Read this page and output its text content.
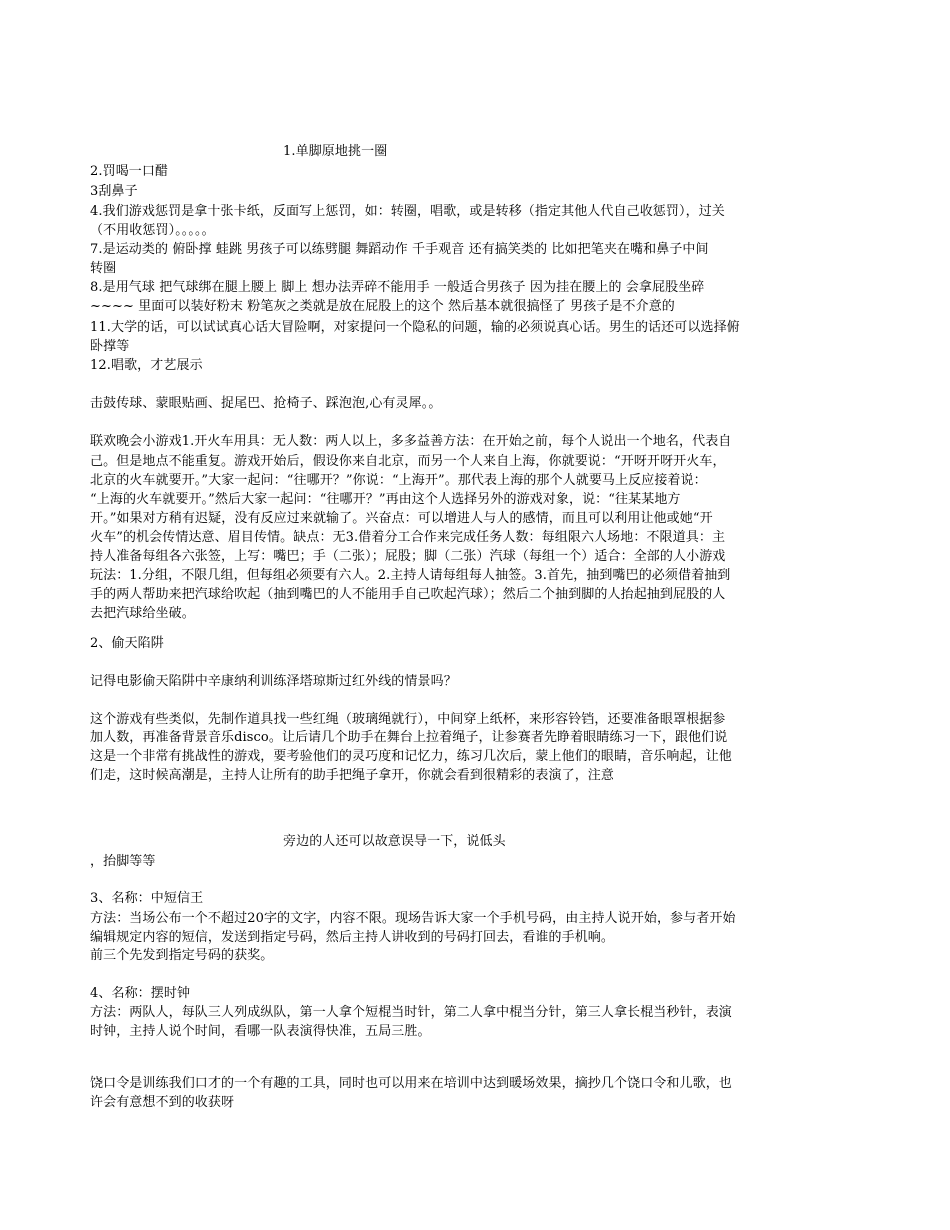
1.单脚原地挑一圈
2.罚喝一口醋
3刮鼻子
4.我们游戏惩罚是拿十张卡纸，反面写上惩罚，如：转圈，唱歌，或是转移（指定其他人代自己收惩罚），过关
（不用收惩罚）。。。。。
7.是运动类的 俯卧撑 蛙跳 男孩子可以练劈腿 舞蹈动作 千手观音 还有搞笑类的 比如把笔夹在嘴和鼻子中间
转圈
8.是用气球 把气球绑在腿上腰上 脚上 想办法弄碎不能用手 一般适合男孩子 因为挂在腰上的 会拿屁股坐碎
~~~~ 里面可以装好粉末 粉笔灰之类就是放在屁股上的这个 然后基本就很搞怪了 男孩子是不介意的
11.大学的话，可以试试真心话大冒险啊，对家提问一个隐私的问题，输的必须说真心话。男生的话还可以选择俯
卧撑等
12.唱歌，才艺展示
击鼓传球、蒙眼贴画、捉尾巴、抢椅子、踩泡泡,心有灵犀。。
联欢晚会小游戏1.开火车用具：无人数：两人以上，多多益善方法：在开始之前，每个人说出一个地名，代表自
己。但是地点不能重复。游戏开始后，假设你来自北京，而另一个人来自上海，你就要说：“开呀开呀开火车，
北京的火车就要开。”大家一起问：“往哪开？”你说：“上海开”。那代表上海的那个人就要马上反应接着说：
“上海的火车就要开。”然后大家一起问：“往哪开？”再由这个人选择另外的游戏对象，说：“往某某地方
开。”如果对方稍有迟疑，没有反应过来就输了。兴奋点：可以增进人与人的感情，而且可以利用让他或她“开
火车”的机会传情达意、眉目传情。缺点：无3.借着分工合作来完成任务人数：每组限六人场地：不限道具：主
持人准备每组各六张签，上写：嘴巴；手（二张）；屁股；脚（二张）汽球（每组一个）适合：全部的人小游戏
玩法：1.分组，不限几组，但每组必须要有六人。2.主持人请每组每人抽签。3.首先，抽到嘴巴的必须借着抽到
手的两人帮助来把汽球给吹起（抽到嘴巴的人不能用手自己吹起汽球）；然后二个抽到脚的人抬起抽到屁股的人
去把汽球给坐破。
2、偷天陷阱
记得电影偷天陷阱中辛康纳利训练泽塔琼斯过红外线的情景吗？
这个游戏有些类似，先制作道具找一些红绳（玻璃绳就行），中间穿上纸杯，来形容铃铛，还要准备眼罩根据参
加人数，再准备背景音乐disco。让后请几个助手在舞台上拉着绳子，让参赛者先睁着眼睛练习一下，跟他们说
这是一个非常有挑战性的游戏，要考验他们的灵巧度和记忆力，练习几次后，蒙上他们的眼睛，音乐响起，让他
们走，这时候高潮是，主持人让所有的助手把绳子拿开，你就会看到很精彩的表演了，注意
旁边的人还可以故意误导一下，说低头
，抬脚等等
3、名称：中短信王
方法：当场公布一个不超过20字的文字，内容不限。现场告诉大家一个手机号码，由主持人说开始，参与者开始
编辑规定内容的短信，发送到指定号码，然后主持人讲收到的号码打回去，看谁的手机响。
前三个先发到指定号码的获奖。
4、名称：摆时钟
方法：两队人，每队三人列成纵队，第一人拿个短棍当时针，第二人拿中棍当分针，第三人拿长棍当秒针，表演
时钟，主持人说个时间，看哪一队表演得快准，五局三胜。
饶口令是训练我们口才的一个有趣的工具，同时也可以用来在培训中达到暖场效果，摘抄几个饶口令和儿歌，也
许会有意想不到的收获呀
